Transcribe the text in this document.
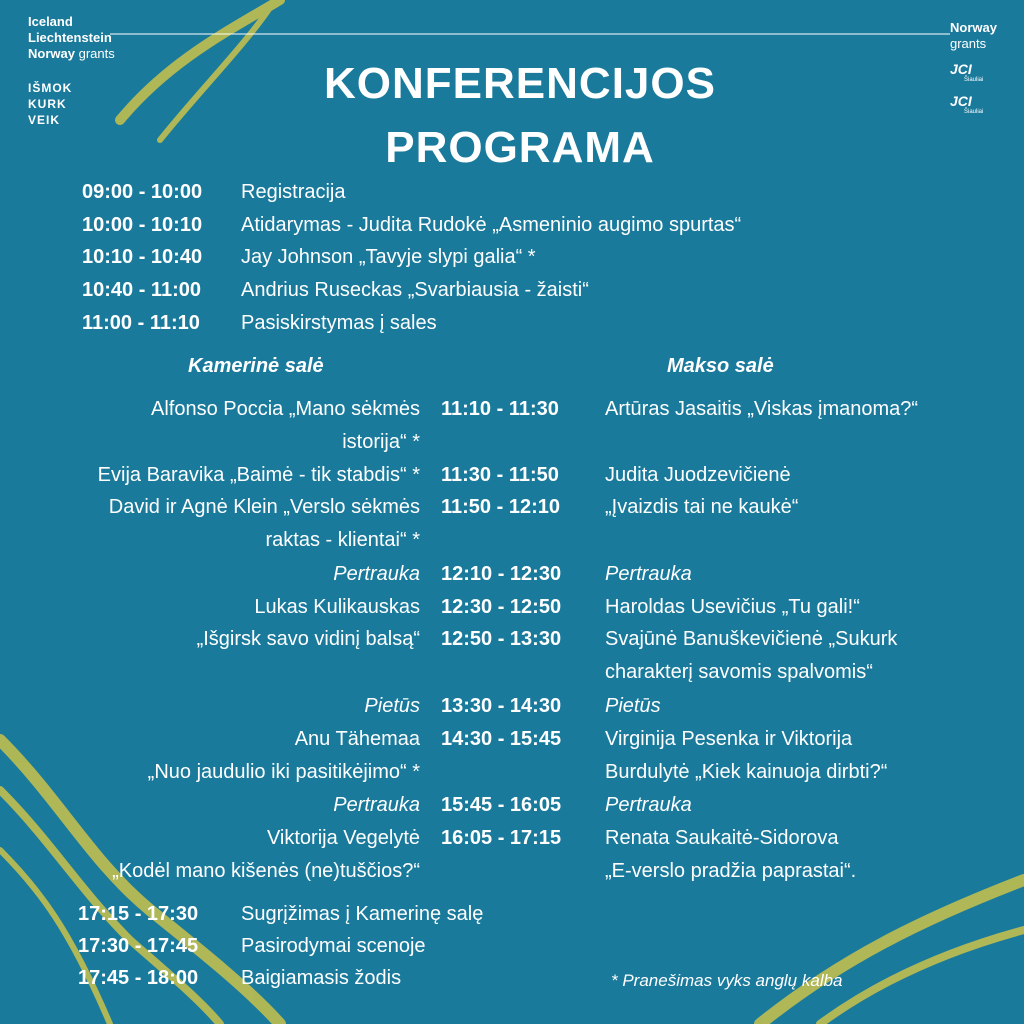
Iceland
Liechtenstein
Norway grants
IŠMOK
KURK
VEIK
Norway
grants
JCI
Šiauliai
JCI
Šiauliai
KONFERENCIJOS
PROGRAMA
09:00 - 10:00 Registracija
10:00 - 10:10 Atidarymas - Judita Rudokė „Asmeninio augimo spurtas“
10:10 - 10:40 Jay Johnson „Tavyje slypi galia“ *
10:40 - 11:00 Andrius Ruseckas „Svarbiausia - žaisti“
11:00 - 11:10 Pasiskirstymas į sales
Kamerinė salė	Makso salė
Alfonso Poccia „Mano sėkmės
istorija“ *
11:10 - 11:30 Artūras Jasaitis „Viskas įmanoma?“
Evija Baravika „Baimė - tik stabdis“ * 11:30 - 11:50 Judita Juodzevičienė
David ir Agnė Klein „Verslo sėkmės
raktas - klientai“ *
11:50 - 12:10 „Įvaizdis tai ne kaukė“
Pertrauka 12:10 - 12:30 Pertrauka
Lukas Kulikauskas 12:30 - 12:50 Haroldas Usevičius „Tu gali!“
„Išgirsk savo vidinį balsą“ 12:50 - 13:30 Svajūnė Banuškevičienė „Sukurk
charakterį savomis spalvomis“
Pietūs 13:30 - 14:30 Pietūs
Anu Tähemaa
„Nuo jaudulio iki pasitikėjimo“ *
14:30 - 15:45 Virginija Pesenka ir Viktorija
Burdulytė „Kiek kainuoja dirbti?“
Pertrauka 15:45 - 16:05 Pertrauka
Viktorija Vegelytė
„Kodėl mano kišenės (ne)tuščios?“
16:05 - 17:15 Renata Saukaitė-Sidorova
„E-verslo pradžia paprastai“.
17:15 - 17:30 Sugrįžimas į Kamerinę salę
17:30 - 17:45 Pasirodymai scenoje
17:45 - 18:00 Baigiamasis žodis	* Pranešimas vyks anglų kalba
